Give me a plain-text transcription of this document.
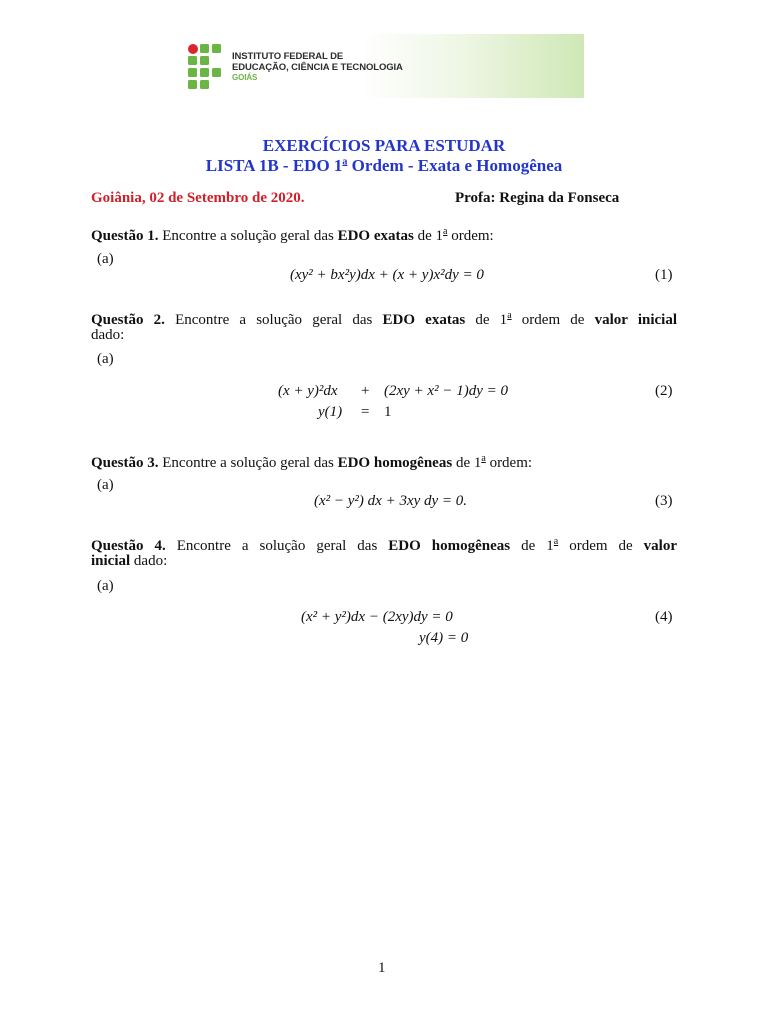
INSTITUTO FEDERAL DE
EDUCAÇÃO, CIÊNCIA E TECNOLOGIA
GOIÁS
EXERCÍCIOS PARA ESTUDAR
LISTA 1B - EDO 1$^a$ Ordem - Exata e Homogênea
Goiânia, 02 de Setembro de 2020.	Profa: Regina da Fonseca
Questão 1. Encontre a solução geral das EDO exatas de 1$^a$ ordem:
(a)
(xy² + bx²y)dx + (x + y)x²dy = 0	(1)
Questão 2. Encontre a solução geral das EDO exatas de 1$^a$ ordem de valor inicial
dado:
(a)
(x + y)²dx + (2xy + x² − 1)dy = 0
y(1) = 1
(2)
Questão 3. Encontre a solução geral das EDO homogêneas de 1$^a$ ordem:
(a)
(x² − y²) dx + 3xy dy = 0.	(3)
Questão 4. Encontre a solução geral das EDO homogêneas de 1$^a$ ordem de valor
inicial dado:
(a)
(x² + y²)dx − (2xy)dy = 0
y(4) = 0
(4)
1
